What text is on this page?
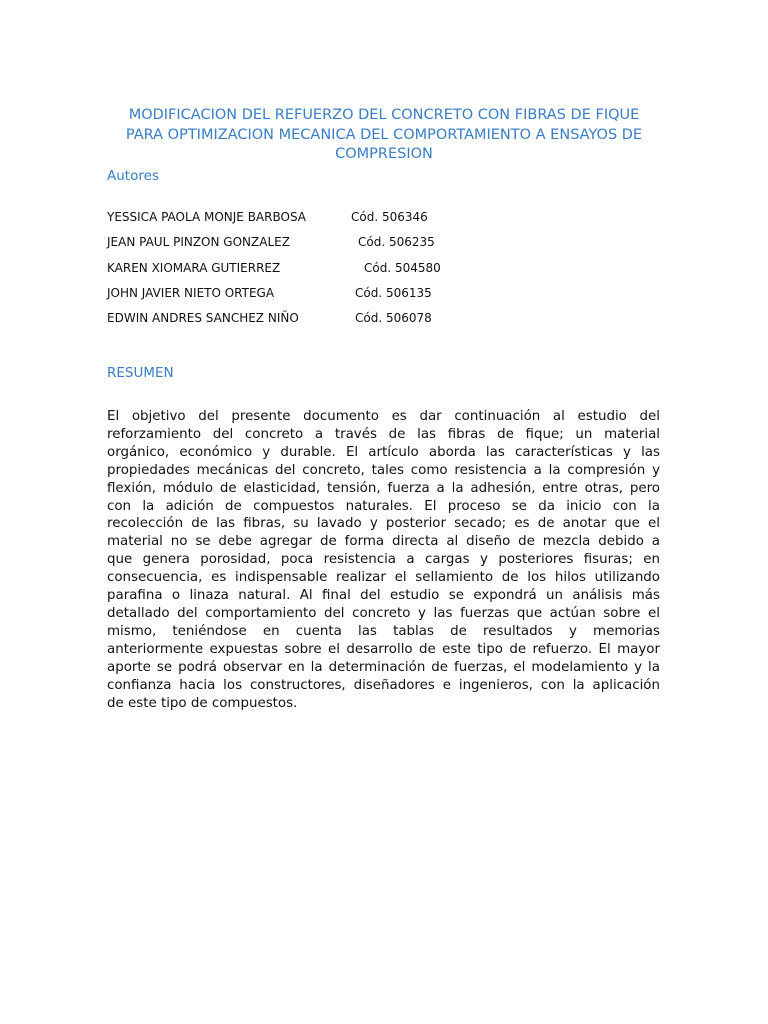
MODIFICACION DEL REFUERZO DEL CONCRETO CON FIBRAS DE FIQUE
PARA OPTIMIZACION MECANICA DEL COMPORTAMIENTO A ENSAYOS DE
COMPRESION
Autores
YESSICA PAOLA MONJE BARBOSA	Cód. 506346
JEAN PAUL PINZON GONZALEZ	Cód. 506235
KAREN XIOMARA GUTIERREZ	Cód. 504580
JOHN JAVIER NIETO ORTEGA	Cód. 506135
EDWIN ANDRES SANCHEZ NIÑO	Cód. 506078
RESUMEN
El objetivo del presente documento es dar continuación al estudio del
reforzamiento del concreto a través de las fibras de fique; un material
orgánico, económico y durable. El artículo aborda las características y las
propiedades mecánicas del concreto, tales como resistencia a la compresión y
flexión, módulo de elasticidad, tensión, fuerza a la adhesión, entre otras, pero
con la adición de compuestos naturales. El proceso se da inicio con la
recolección de las fibras, su lavado y posterior secado; es de anotar que el
material no se debe agregar de forma directa al diseño de mezcla debido a
que genera porosidad, poca resistencia a cargas y posteriores fisuras; en
consecuencia, es indispensable realizar el sellamiento de los hilos utilizando
parafina o linaza natural. Al final del estudio se expondrá un análisis más
detallado del comportamiento del concreto y las fuerzas que actúan sobre el
mismo, teniéndose en cuenta las tablas de resultados y memorias
anteriormente expuestas sobre el desarrollo de este tipo de refuerzo. El mayor
aporte se podrá observar en la determinación de fuerzas, el modelamiento y la
confianza hacia los constructores, diseñadores e ingenieros, con la aplicación
de este tipo de compuestos.
